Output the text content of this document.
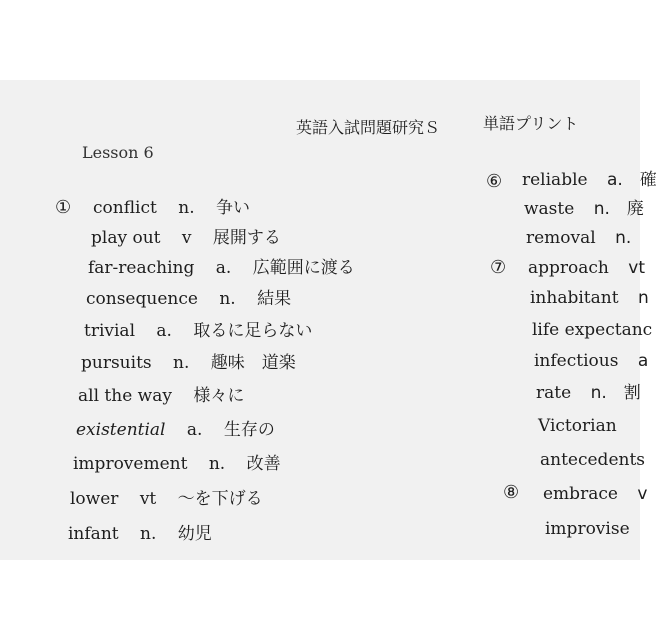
英語入試問題研究Ｓ	単語プリント
Lesson 6
① conflict n. 争い
play out v 展開する
far-reaching a. 広範囲に渡る
consequence n. 結果
trivial a. 取るに足らない
pursuits n. 趣味　道楽
all the way 様々に
existential a. 生存の
improvement n. 改善
lower vt ～を下げる
infant n. 幼児
⑥
⑦
⑧
reliable a.　確
waste n.　廃
removal n.
approach vt
inhabitant n
life expectanc
infectious a
rate n.　割
Victorian
antecedents
embrace v
improvise
